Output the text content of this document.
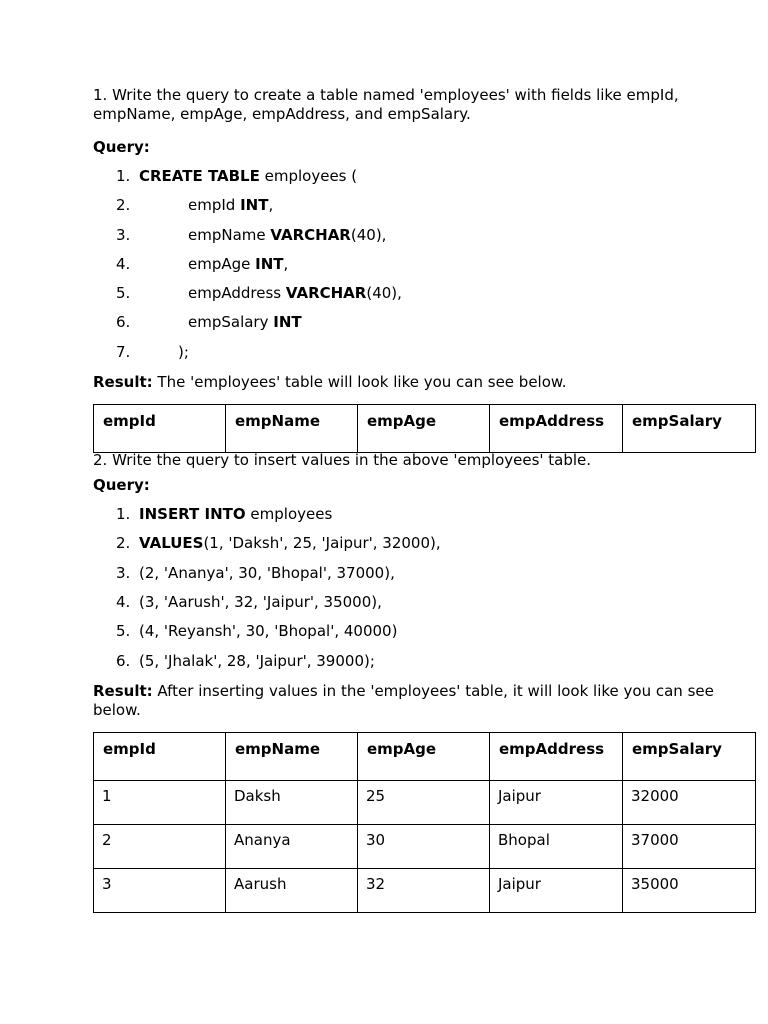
1. Write the query to create a table named 'employees' with fields like empId, empName, empAge, empAddress, and empSalary.

Query:
1. CREATE TABLE employees (
2.	empId INT,
3.	empName VARCHAR(40),
4.	empAge INT,
5.	empAddress VARCHAR(40),
6.	empSalary INT
7.	);
Result: The 'employees' table will look like you can see below.
empId	empName	empAge	empAddress	empSalary

2. Write the query to insert values in the above 'employees' table.

Query:
1. INSERT INTO employees
2. VALUES(1, 'Daksh', 25, 'Jaipur', 32000),
3. (2, 'Ananya', 30, 'Bhopal', 37000),
4. (3, 'Aarush', 32, 'Jaipur', 35000),
5. (4, 'Reyansh', 30, 'Bhopal', 40000)
6. (5, 'Jhalak', 28, 'Jaipur', 39000);

Result: After inserting values in the 'employees' table, it will look like you can see below.

empId	empName	empAge	empAddress	empSalary
1	Daksh	25	Jaipur	32000
2	Ananya	30	Bhopal	37000
3	Aarush	32	Jaipur	35000
